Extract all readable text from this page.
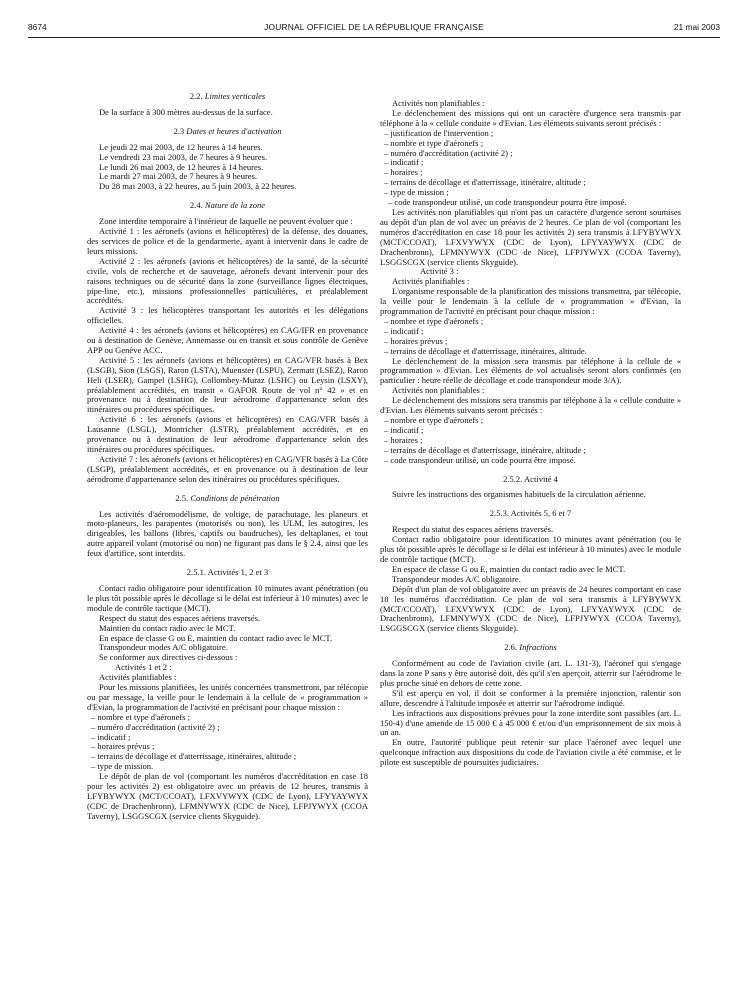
8674	JOURNAL OFFICIEL DE LA RÉPUBLIQUE FRANÇAISE	21 mai 2003

2.2. Limites verticales

De la surface à 300 mètres au-dessus de la surface.

2.3 Dates et heures d'activation

Le jeudi 22 mai 2003, de 12 heures à 14 heures.

Le vendredi 23 mai 2003, de 7 heures à 9 heures.

Le lundi 26 mai 2003, de 12 heures à 14 heures.

Le mardi 27 mai 2003, de 7 heures à 9 heures.

Du 28 mai 2003, à 22 heures, au 5 juin 2003, à 22 heures.

2.4. Nature de la zone

Zone interdite temporaire à l'intérieur de laquelle ne peuvent évoluer que :

Activité 1 : les aéronefs (avions et hélicoptères) de la défense, des douanes, des services de police et de la gendarmerie, ayant à intervenir dans le cadre de leurs missions.

Activité 2 : les aéronefs (avions et hélicoptères) de la santé, de la sécurité civile, vols de recherche et de sauvetage, aéronefs devant intervenir pour des raisons techniques ou de sécurité dans la zone (surveillance lignes électriques, pipe-line, etc.), missions professionnelles particulières, et préalablement accrédités.

Activité 3 : les hélicoptères transportant les autorités et les délégations officielles.

Activité 4 : les aéronefs (avions et hélicoptères) en CAG/IFR en provenance ou à destination de Genève, Annemasse ou en transit et sous contrôle de Genève APP ou Genève ACC.

Activité 5 : les aéronefs (avions et hélicoptères) en CAG/VFR basés à Bex (LSGB), Sion (LSGS), Raron (LSTA), Muenster (LSPU), Zermatt (LSEZ), Raron Heli (LSER), Gampel (LSHG), Collombey-Muraz (LSHC) ou Leysin (LSXY), préalablement accrédités, en transit « GAFOR Route de vol n° 42 » et en provenance ou à destination de leur aérodrome d'appartenance selon des itinéraires ou procédures spécifiques.

Activité 6 : les aéronefs (avions et hélicoptères) en CAG/VFR basés à Lausanne (LSGL), Montricher (LSTR), préalablement accrédités, et en provenance ou à destination de leur aérodrome d'appartenance selon des itinéraires ou procédures spécifiques.

Activité 7 : les aéronefs (avions et hélicoptères) en CAG/VFR basés à La Côte (LSGP), préalablement accrédités, et en provenance ou à destination de leur aérodrome d'appartenance selon des itinéraires ou procédures spécifiques.

2.5. Conditions de pénétration

Les activités d'aéromodélisme, de voltige, de parachutage, les planeurs et moto-planeurs, les parapentes (motorisés ou non), les ULM, les autogires, les dirigeables, les ballons (libres, captifs ou baudruches), les deltaplanes, et tout autre appareil volant (motorisé ou non) ne figurant pas dans le § 2.4, ainsi que les feux d'artifice, sont interdits.

2.5.1. Activités 1, 2 et 3

Contact radio obligatoire pour identification 10 minutes avant pénétration (ou le plus tôt possible après le décollage si le délai est inférieur à 10 minutes) avec le module de contrôle tactique (MCT).

Respect du statut des espaces aériens traversés.

Maintien du contact radio avec le MCT.

En espace de classe G ou E, maintien du contact radio avec le MCT.

Transpondeur modes A/C obligatoire.

Se conformer aux directives ci-dessous :

Activités 1 et 2 :

Activités planifiables :

Pour les missions planifiées, les unités concernées transmettront, par télécopie ou par message, la veille pour le lendemain à la cellule de « programmation » d'Evian, la programmation de l'activité en précisant pour chaque mission :

– nombre et type d'aéronefs ;

– numéro d'accréditation (activité 2) ;

– indicatif ;

– horaires prévus ;

– terrains de décollage et d'atterrissage, itinéraires, altitude ;

– type de mission.

Le dépôt de plan de vol (comportant les numéros d'accréditation en case 18 pour les activités 2) est obligatoire avec un préavis de 12 heures, transmis à LFYBYWYX (MCT/CCOAT), LFXVYWYX (CDC de Lyon), LFYYAYWYX (CDC de Drachenbronn), LFMNYWYX (CDC de Nice), LFPJYWYX (CCOA Taverny), LSGGSCGX (service clients Skyguide).

Activités non planifiables :

Le déclenchement des missions qui ont un caractère d'urgence sera transmis par téléphone à la « cellule conduite » d'Evian. Les éléments suivants seront précisés :

– justification de l'intervention ;

– nombre et type d'aéronefs ;

– numéro d'accréditation (activité 2) ;

– indicatif ;

– horaires ;

– terrains de décollage et d'atterrissage, itinéraire, altitude ;

– type de mission ;

– code transpondeur utilisé, un code transpondeur pourra être imposé.

Les activités non planifiables qui n'ont pas un caractère d'urgence seront soumises au dépôt d'un plan de vol avec un préavis de 2 heures. Ce plan de vol (comportant les numéros d'accréditation en case 18 pour les activités 2) sera transmis à LFYBYWYX (MCT/CCOAT), LFXVYWYX (CDC de Lyon), LFYYAYWYX (CDC de Drachenbronn), LFMNYWYX (CDC de Nice), LFPJYWYX (CCOA Taverny), LSGGSCGX (service clients Skyguide).

Activité 3 :

Activités planifiables :

L'organisme responsable de la planification des missions transmettra, par télécopie, la veille pour le lendemain à la cellule de « programmation » d'Evian, la programmation de l'activité en précisant pour chaque mission :

– nombre et type d'aéronefs ;

– indicatif ;

– horaires prévus ;

– terrains de décollage et d'atterrissage, itinéraires, altitude.

Le déclenchement de la mission sera transmis par téléphone à la cellule de « programmation » d'Evian. Les éléments de vol actualisés seront alors confirmés (en particulier : heure réelle de décollage et code transpondeur mode 3/A).

Activités non planifiables :

Le déclenchement des missions sera transmis par téléphone à la « cellule conduite » d'Evian. Les éléments suivants seront précisés :

– nombre et type d'aéronefs ;

– indicatif ;

– horaires ;

– terrains de décollage et d'atterrissage, itinéraire, altitude ;

– code transpondeur utilisé, un code pourra être imposé.

2.5.2. Activité 4

Suivre les instructions des organismes habituels de la circulation aérienne.

2.5.3. Activités 5, 6 et 7

Respect du statut des espaces aériens traversés.

Contact radio obligatoire pour identification 10 minutes avant pénétration (ou le plus tôt possible après le décollage si le délai est inférieur à 10 minutes) avec le module de contrôle tactique (MCT).

En espace de classe G ou E, maintien du contact radio avec le MCT.

Transpondeur modes A/C obligatoire.

Dépôt d'un plan de vol obligatoire avec un préavis de 24 heures comportant en case 18 les numéros d'accréditation. Ce plan de vol sera transmis à LFYBYWYX (MCT/CCOAT), LFXVYWYX (CDC de Lyon), LFYYAYWYX (CDC de Drachenbronn), LFMNYWYX (CDC de Nice), LFPJYWYX (CCOA Taverny), LSGGSCGX (service clients Skyguide).

2.6. Infractions

Conformément au code de l'aviation civile (art. L. 131-3), l'aéronef qui s'engage dans la zone P sans y être autorisé doit, dès qu'il s'en aperçoit, atterrir sur l'aérodrome le plus proche situé en dehors de cette zone.

S'il est aperçu en vol, il doit se conformer à la première injonction, ralentir son allure, descendre à l'altitude imposée et atterrir sur l'aérodrome indiqué.

Les infractions aux dispositions prévues pour la zone interdite sont passibles (art. L. 150-4) d'une amende de 15 000 € à 45 000 € et/ou d'un emprisonnement de six mois à un an.

En outre, l'autorité publique peut retenir sur place l'aéronef avec lequel une quelconque infraction aux dispositions du code de l'aviation civile a été commise, et le pilote est susceptible de poursuites judiciaires.
